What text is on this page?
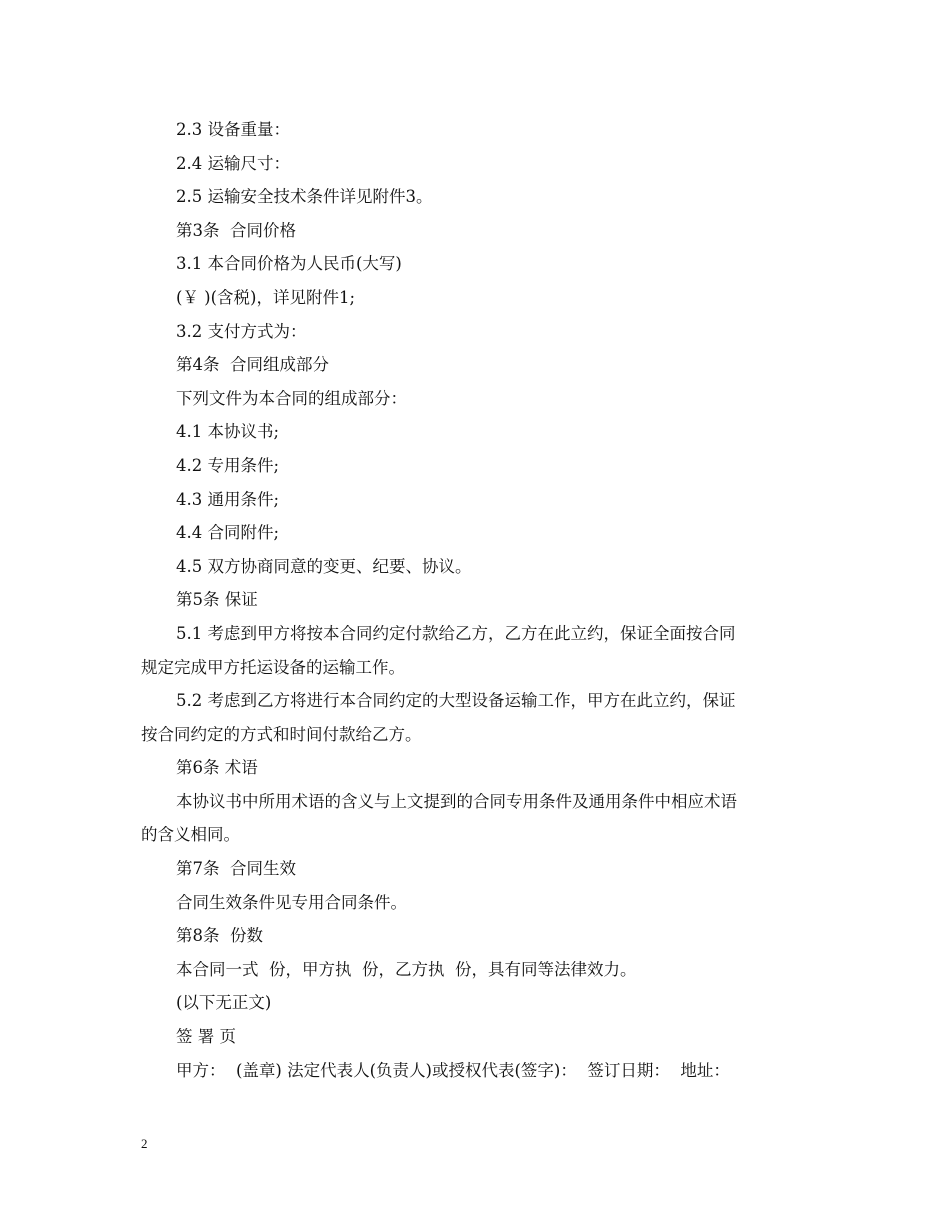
2.3 设备重量：
2.4 运输尺寸：
2.5 运输安全技术条件详见附件3。
第3条  合同价格
3.1 本合同价格为人民币(大写)
(￥ )(含税)，详见附件1;
3.2 支付方式为：
第4条  合同组成部分
下列文件为本合同的组成部分：
4.1 本协议书;
4.2 专用条件;
4.3 通用条件;
4.4 合同附件;
4.5 双方协商同意的变更、纪要、协议。
第5条 保证
5.1 考虑到甲方将按本合同约定付款给乙方，乙方在此立约，保证全面按合同
规定完成甲方托运设备的运输工作。
5.2 考虑到乙方将进行本合同约定的大型设备运输工作，甲方在此立约，保证
按合同约定的方式和时间付款给乙方。
第6条 术语
本协议书中所用术语的含义与上文提到的合同专用条件及通用条件中相应术语
的含义相同。
第7条  合同生效
合同生效条件见专用合同条件。
第8条  份数
本合同一式  份，甲方执  份，乙方执  份，具有同等法律效力。
(以下无正文)
签 署 页
甲方：  (盖章) 法定代表人(负责人)或授权代表(签字)：  签订日期：  地址：
2
